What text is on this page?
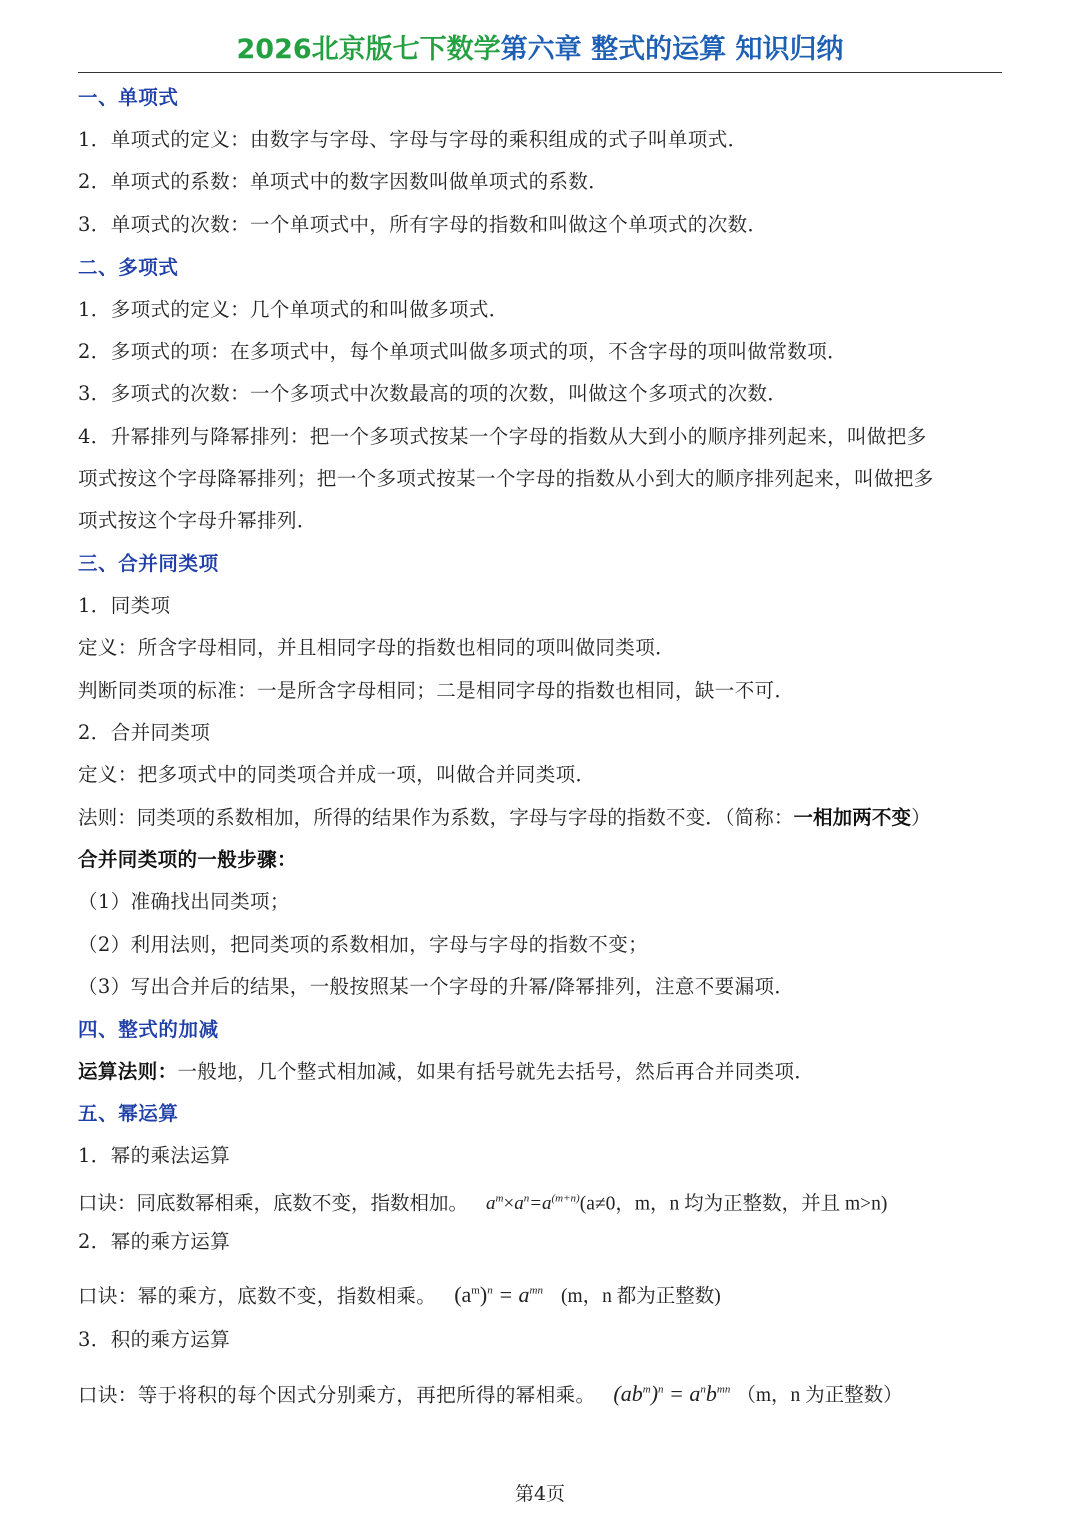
2026北京版七下数学第六章 整式的运算 知识归纳
一、单项式
1．单项式的定义：由数字与字母、字母与字母的乘积组成的式子叫单项式．
2．单项式的系数：单项式中的数字因数叫做单项式的系数．
3．单项式的次数：一个单项式中，所有字母的指数和叫做这个单项式的次数．
二、多项式
1．多项式的定义：几个单项式的和叫做多项式．
2．多项式的项：在多项式中，每个单项式叫做多项式的项，不含字母的项叫做常数项．
3．多项式的次数：一个多项式中次数最高的项的次数，叫做这个多项式的次数．
4．升幂排列与降幂排列：把一个多项式按某一个字母的指数从大到小的顺序排列起来，叫做把多
项式按这个字母降幂排列；把一个多项式按某一个字母的指数从小到大的顺序排列起来，叫做把多
项式按这个字母升幂排列．
三、合并同类项
1．同类项
定义：所含字母相同，并且相同字母的指数也相同的项叫做同类项．
判断同类项的标准：一是所含字母相同；二是相同字母的指数也相同，缺一不可．
2．合并同类项
定义：把多项式中的同类项合并成一项，叫做合并同类项．
法则：同类项的系数相加，所得的结果作为系数，字母与字母的指数不变．（简称：一相加两不变）
合并同类项的一般步骤：
（1）准确找出同类项；
（2）利用法则，把同类项的系数相加，字母与字母的指数不变；
（3）写出合并后的结果，一般按照某一个字母的升幂/降幂排列，注意不要漏项．
四、整式的加减
运算法则：一般地，几个整式相加减，如果有括号就先去括号，然后再合并同类项．
五、幂运算
1．幂的乘法运算
口诀：同底数幂相乘，底数不变，指数相加。 $a^m\times a^n=a^{(m+n)}(a\ne 0$，m，n 均为正整数，并且 m>n)
2．幂的乘方运算
口诀：幂的乘方，底数不变，指数相乘。 $(a^m)^n = a^{mn}$ (m，n 都为正整数)
3．积的乘方运算
口诀：等于将积的每个因式分别乘方，再把所得的幂相乘。 $(ab^m)^n = a^nb^{mn}$ （m，n 为正整数）
第4页
